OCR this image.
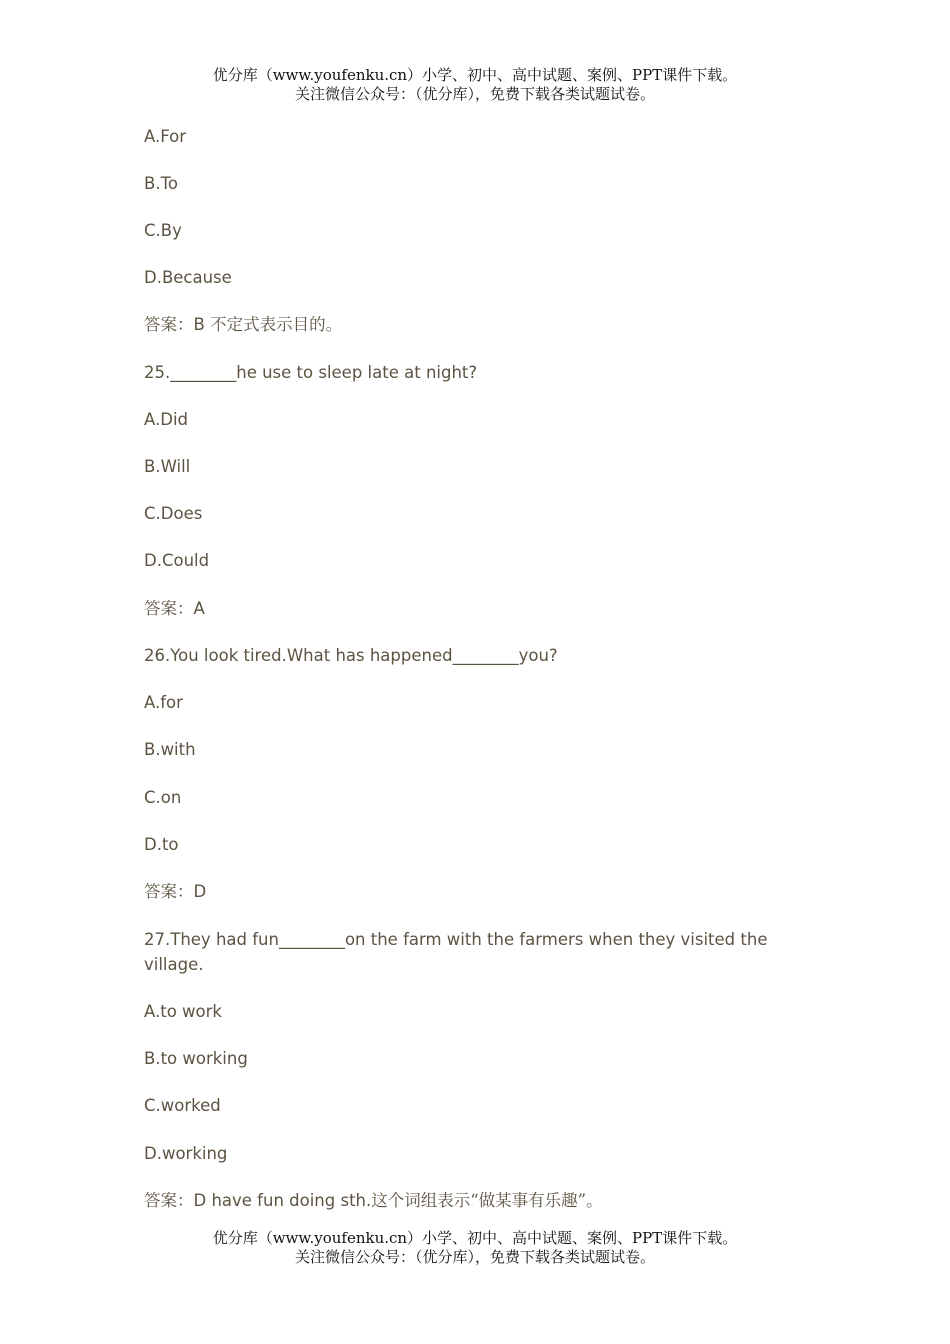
优分库（www.youfenku.cn）小学、初中、高中试题、案例、PPT课件下载。
关注微信公众号：（优分库），免费下载各类试题试卷。
A.For
B.To
C.By
D.Because
答案：B 不定式表示目的。
25.________he use to sleep late at night?
A.Did
B.Will
C.Does
D.Could
答案：A
26.You look tired.What has happened________you?
A.for
B.with
C.on
D.to
答案：D
27.They had fun________on the farm with the farmers when they visited the village.
A.to work
B.to working
C.worked
D.working
答案：D have fun doing sth.这个词组表示“做某事有乐趣”。
优分库（www.youfenku.cn）小学、初中、高中试题、案例、PPT课件下载。
关注微信公众号：（优分库），免费下载各类试题试卷。
